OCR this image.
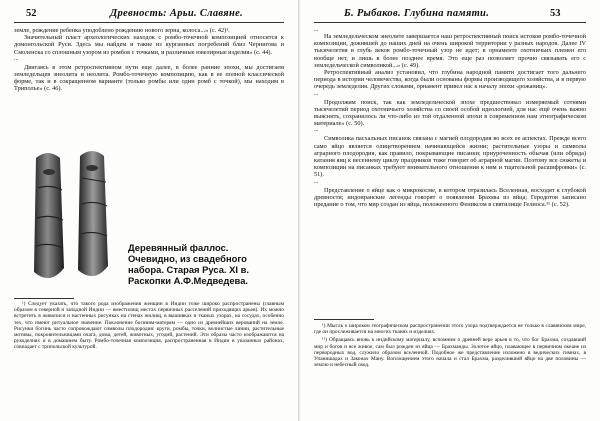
52	Древность: Арьи. Славяне.

земле, рождение ребенка уподоблено рождению нового зерна, колоса...» (с. 42)¹.

Значительный пласт археологических находок с ромбо-точечной композицией относится к домонгольской Руси. Здесь мы найдем и такие из курганных погребений близ Чернигова и Смоленска со сплошным узором из ромбов с точками, и различные ювелирные изделия» (с. 44).

...

Двигаясь в этом ретроспективном пути еще далее, в более ранние эпохи, мы достигаем земледельцев энеолита и неолита. Ромбо-точечную композицию, как в ее полной классической форме, так и в сокращенном варианте (только ромбы или один ромб с точкой), мы находим в Триполье» (с. 46).

Деревянный фаллос.
Очевидно, из свадебного
набора. Старая Руса. XI в.
Раскопки А.Ф.Медведева.

¹) Следует указать, что такого рода изображения женщин в Индии тоже широко распространены (главным образом в северной и западной Индии — вместилищ местах первичных расселений приходящих арьев). Их можно встретить в живописи и настенных рисунках на стенах жилищ, в вышивках и тканых узорах, на сосудах, особенно тех, что имеют ритуальное значение. Поклонение богиням-матерям — одно из древнейших верований на земле. Рисунки богинь часто сопровождают символы плодородия: круги, ромбы, точки, волнистые линии, растительные мотивы, покровительницами очага, дома, детей, животных, угодий, растений. Эти образы часто изображаются на рукоделиях и в домашнем быту. Ромбо-точечная композиция, распространенная в Индии в указанных районах, совпадает с трипольской культурой.

Б. Рыбаков. Глубина памяти.	53
...

На земледельческом энеолите завершается наш ретроспективный поиск истоков ромбо-точечной композиции, дожившей до наших дней на очень широкой территории у разных народов. Далее IV тысячелетия в глубь веков ромбо-точечный узор не идет; в орнаменте охотничьих племен его вообще нет, и лишь в более позднее время. Это еще раз позволяет прочно связывать его с земледельческой символикой...» (с. 49).

Ретроспективный анализ установил, что глубина народной памяти достигает того дальнего периода в истории человечества, когда были основаны формы производящего хозяйства, и в первую очередь земледелия. Других словами, орнамент привел нас к началу эпохи «рожаниц».

...

Продолжим поиск, так как земледельческой эпохе предшествовал измеряемый сотнями тысячелетий период охотничьего хозяйства со своей особой идеологией, для нас ещё очень важно выяснить, сохранилось ли что-либо из той отдаленной эпохи в современном нам этнографическом материале» (с. 50).

...

Символика пасхальных писанок связана с магией плодородия во всех ее аспектах. Прежде всего само яйцо является олицетворением начинающейся жизни; растительные узоры и символы аграрного плодородия, как правило, покрывающие писанки; приуроченность обычая (или обряда) катания яиц к весеннему циклу праздников тоже говорит об аграрной магии. Поэтому все сюжеты и композиции на писанках требуют внимательного отношения к ним и тщательной расшифровки» (с. 51).

...

Представление о яйце как о микрокосме, в котором отразилась Вселенная, восходят к глубокой древности; индоиранские легенды говорят о появлении Брахмы из яйца; Геродотов записано предание о том, что мир создан из яйца, положенного Фениксом в святилище Гелиоса.¹¹ (с. 52).

¹) Мысль о широком географическом распространении этого узора подтверждается не только в славянском мире, где он прослеживается на многих тканях и изделиях.

¹¹) Обращаясь вновь к индийскому материалу, вспомним о древней вере арьев в то, что бог Брахма, создавший мир и богов и все живое, сам был рожден из яйца — Брахманды. Золотое яйцо, плавающее в первичном океане из первородных вод, служило образом вселенной. Подобное же представление изложено в ведических гимнах, в Упанишадах и Законах Ману. Воплощением этого начала и стал Брахма, разделивший яйцо на две половины — землю и небесный свод.
